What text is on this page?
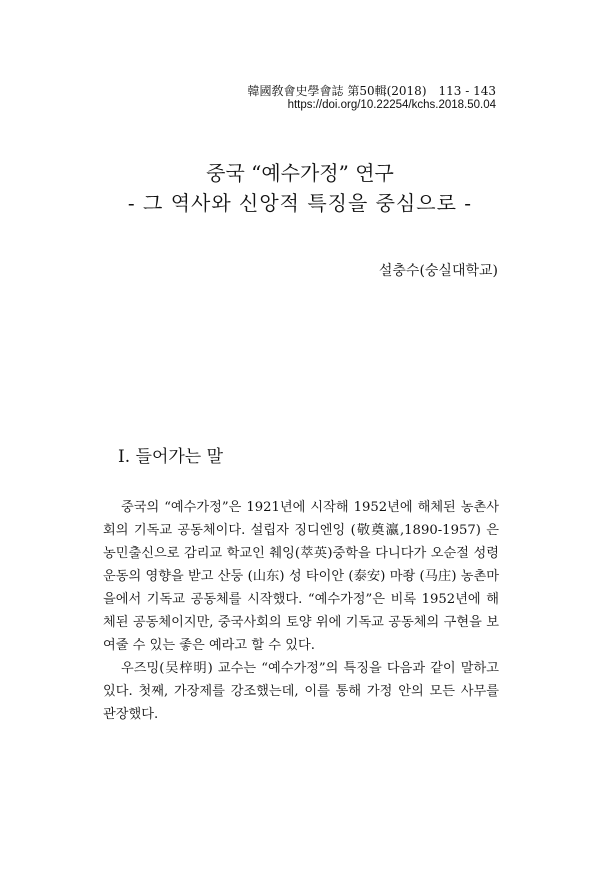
韓國敎會史學會誌 第50輯(2018)　113 - 143
https://doi.org/10.22254/kchs.2018.50.04
중국 “예수가정” 연구
- 그 역사와 신앙적 특징을 중심으로 -
설충수(숭실대학교)
I. 들어가는 말

중국의 “예수가정”은 1921년에 시작해 1952년에 해체된 농촌사회의 기독교 공동체이다. 설립자 징디엔잉 (敬奠瀛,1890-1957) 은 농민출신으로 감리교 학교인 췌잉(萃英)중학을 다니다가 오순절 성령운동의 영향을 받고 산둥 (山东) 성 타이안 (泰安) 마좡 (马庄) 농촌마을에서 기독교 공동체를 시작했다. “예수가정”은 비록 1952년에 해체된 공동체이지만, 중국사회의 토양 위에 기독교 공동체의 구현을 보여줄 수 있는 좋은 예라고 할 수 있다.

우즈밍(吴梓明) 교수는 “예수가정”의 특징을 다음과 같이 말하고 있다. 첫째, 가장제를 강조했는데, 이를 통해 가정 안의 모든 사무를 관장했다.
